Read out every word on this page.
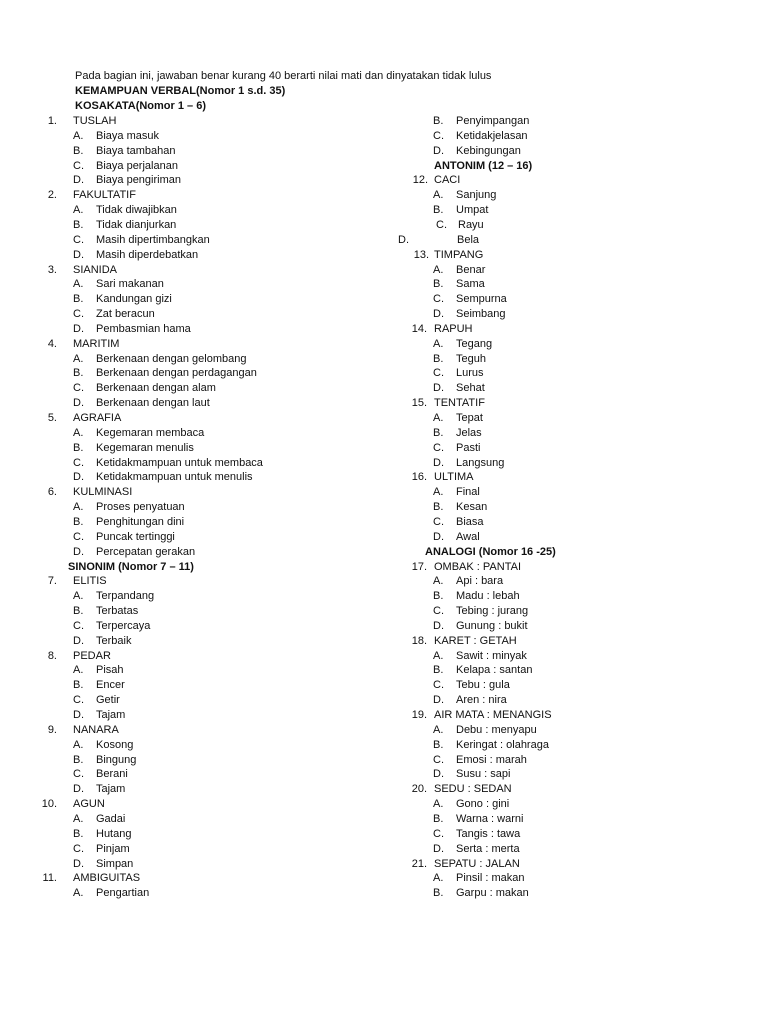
Pada bagian ini, jawaban benar kurang 40 berarti nilai mati dan dinyatakan tidak lulus
KEMAMPUAN VERBAL(Nomor 1 s.d. 35)
KOSAKATA(Nomor 1 – 6)
1. TUSLAH
A. Biaya masuk
B. Biaya tambahan
C. Biaya perjalanan
D. Biaya pengiriman
2. FAKULTATIF
A. Tidak diwajibkan
B. Tidak dianjurkan
C. Masih dipertimbangkan
D. Masih diperdebatkan
3. SIANIDA
A. Sari makanan
B. Kandungan gizi
C. Zat beracun
D. Pembasmian hama
4. MARITIM
A. Berkenaan dengan gelombang
B. Berkenaan dengan perdagangan
C. Berkenaan dengan alam
D. Berkenaan dengan laut
5. AGRAFIA
A. Kegemaran membaca
B. Kegemaran menulis
C. Ketidakmampuan untuk membaca
D. Ketidakmampuan untuk menulis
6. KULMINASI
A. Proses penyatuan
B. Penghitungan dini
C. Puncak tertinggi
D. Percepatan gerakan
SINONIM (Nomor 7 – 11)
7. ELITIS
A. Terpandang
B. Terbatas
C. Terpercaya
D. Terbaik
8. PEDAR
A. Pisah
B. Encer
C. Getir
D. Tajam
9. NANARA
A. Kosong
B. Bingung
C. Berani
D. Tajam
10. AGUN
A. Gadai
B. Hutang
C. Pinjam
D. Simpan
11. AMBIGUITAS
A. Pengartian
B. Penyimpangan
C. Ketidakjelasan
D. Kebingungan
ANTONIM (12 – 16)
12. CACI
A. Sanjung
B. Umpat
C. Rayu
D.	Bela
13. TIMPANG
A. Benar
B. Sama
C. Sempurna
D. Seimbang
14. RAPUH
A. Tegang
B. Teguh
C. Lurus
D. Sehat
15. TENTATIF
A. Tepat
B. Jelas
C. Pasti
D. Langsung
16. ULTIMA
A. Final
B. Kesan
C. Biasa
D. Awal
ANALOGI (Nomor 16 -25)
17. OMBAK : PANTAI
A. Api : bara
B. Madu : lebah
C. Tebing : jurang
D. Gunung : bukit
18. KARET : GETAH
A. Sawit : minyak
B. Kelapa : santan
C. Tebu : gula
D. Aren : nira
19. AIR MATA : MENANGIS
A. Debu : menyapu
B. Keringat : olahraga
C. Emosi : marah
D. Susu : sapi
20. SEDU : SEDAN
A. Gono : gini
B. Warna : warni
C. Tangis : tawa
D. Serta : merta
21. SEPATU : JALAN
A. Pinsil : makan
B. Garpu : makan
